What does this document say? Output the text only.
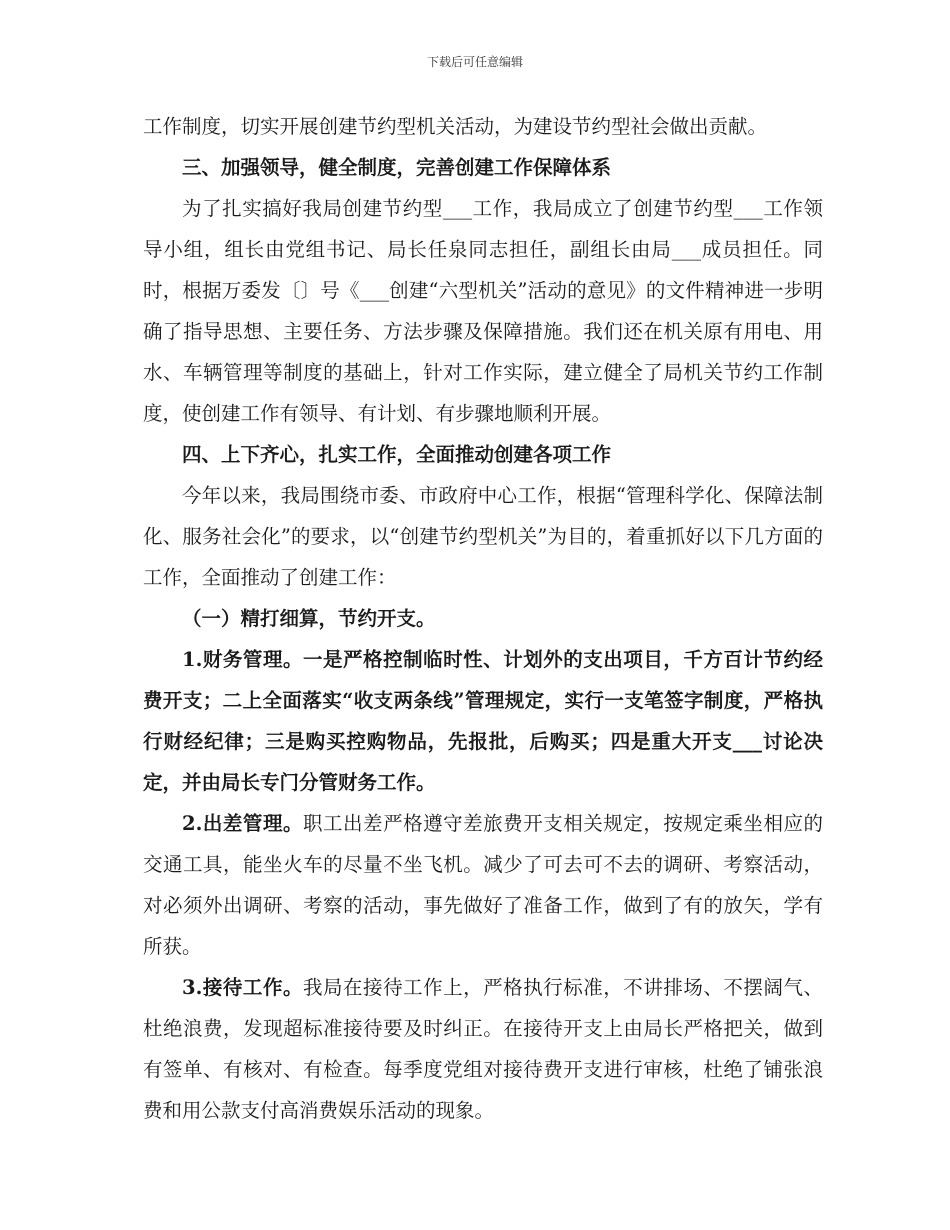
下载后可任意编辑

工作制度，切实开展创建节约型机关活动，为建设节约型社会做出贡献。

三、加强领导，健全制度，完善创建工作保障体系

为了扎实搞好我局创建节约型___工作，我局成立了创建节约型___工作领导小组，组长由党组书记、局长任泉同志担任，副组长由局___成员担任。同时，根据万委发〔〕号《___创建“六型机关”活动的意见》的文件精神进一步明确了指导思想、主要任务、方法步骤及保障措施。我们还在机关原有用电、用水、车辆管理等制度的基础上，针对工作实际，建立健全了局机关节约工作制度，使创建工作有领导、有计划、有步骤地顺利开展。

四、上下齐心，扎实工作，全面推动创建各项工作

今年以来，我局围绕市委、市政府中心工作，根据“管理科学化、保障法制化、服务社会化”的要求，以“创建节约型机关”为目的，着重抓好以下几方面的工作，全面推动了创建工作：

（一）精打细算，节约开支。

1.财务管理。一是严格控制临时性、计划外的支出项目，千方百计节约经费开支；二上全面落实“收支两条线”管理规定，实行一支笔签字制度，严格执行财经纪律；三是购买控购物品，先报批，后购买；四是重大开支___讨论决定，并由局长专门分管财务工作。

2.出差管理。职工出差严格遵守差旅费开支相关规定，按规定乘坐相应的交通工具，能坐火车的尽量不坐飞机。减少了可去可不去的调研、考察活动，对必须外出调研、考察的活动，事先做好了准备工作，做到了有的放矢，学有所获。

3.接待工作。我局在接待工作上，严格执行标准，不讲排场、不摆阔气、杜绝浪费，发现超标准接待要及时纠正。在接待开支上由局长严格把关，做到有签单、有核对、有检查。每季度党组对接待费开支进行审核，杜绝了铺张浪费和用公款支付高消费娱乐活动的现象。
